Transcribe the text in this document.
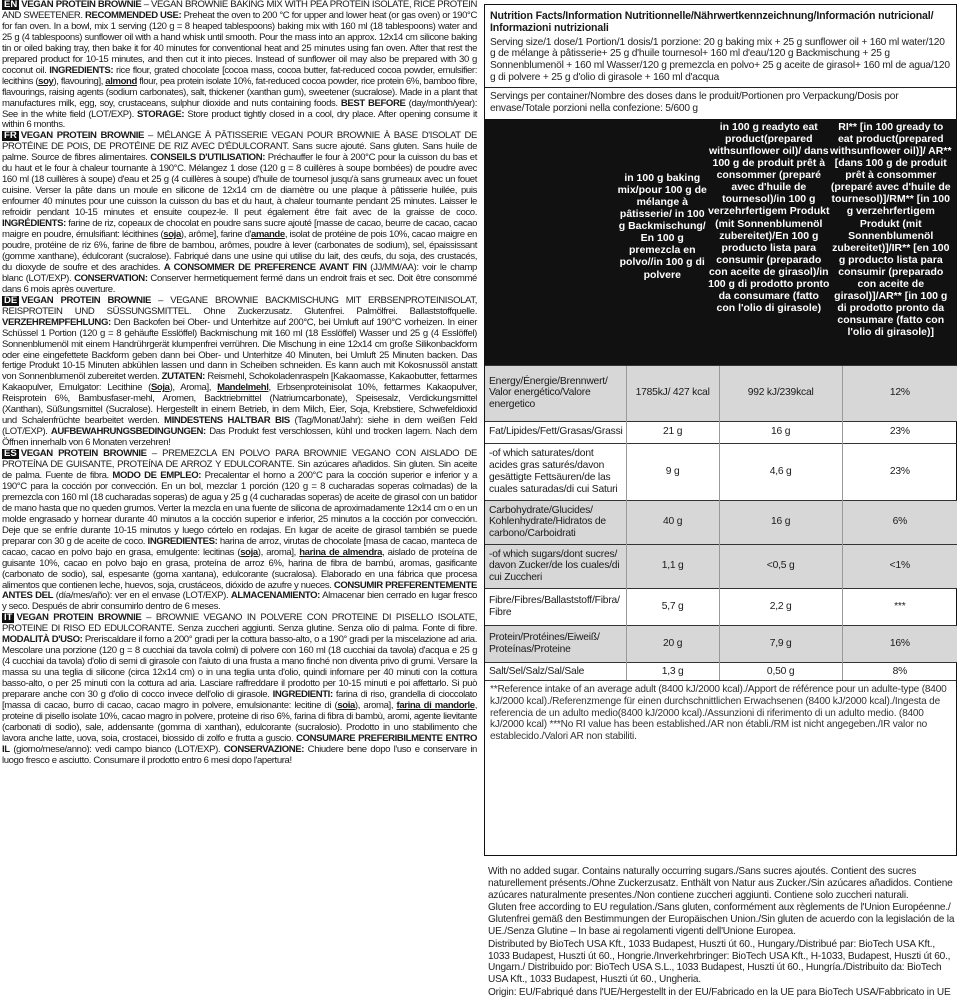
EN VEGAN PROTEIN BROWNIE – VEGAN BROWNIE BAKING MIX WITH PEA PROTEIN ISOLATE, RICE PROTEIN AND SWEETENER. RECOMMENDED USE: Preheat the oven to 200 °C for upper and lower heat (or gas oven) or 190°C for fan oven. In a bowl, mix 1 serving (120 g = 8 heaped tablespoons) baking mix with 160 ml (18 tablespoons) water and 25 g (4 tablespoons) sunflower oil with a hand whisk until smooth. Pour the mass into an approx. 12x14 cm silicone baking tin or oiled baking tray, then bake it for 40 minutes for conventional heat and 25 minutes using fan oven. After that rest the prepared product for 10-15 minutes, and then cut it into pieces. Instead of sunflower oil may also be prepared with 30 g coconut oil. INGREDIENTS: rice flour, grated chocolate [cocoa mass, cocoa butter, fat-reduced cocoa powder, emulsifier: lecithins (soy), flavouring], almond flour, pea protein isolate 10%, fat-reduced cocoa powder, rice protein 6%, bamboo fibre, flavourings, raising agents (sodium carbonates), salt, thickener (xanthan gum), sweetener (sucralose). Made in a plant that manufactures milk, egg, soy, crustaceans, sulphur dioxide and nuts containing foods. BEST BEFORE (day/month/year): See in the white field (LOT/EXP). STORAGE: Store product tightly closed in a cool, dry place. After opening consume it within 6 months.

FR VEGAN PROTEIN BROWNIE – MÉLANGE À PÂTISSERIE VEGAN POUR BROWNIE À BASE D'ISOLAT DE PROTÉINE DE POIS, DE PROTÉINE DE RIZ AVEC D'ÉDULCORANT. Sans sucre ajouté. Sans gluten. Sans huile de palme. Source de fibres alimentaires. CONSEILS D'UTILISATION: Préchauffer le four à 200°C pour la cuisson du bas et du haut et le four à chaleur tournante à 190°C. Mélangez 1 dose (120 g = 8 cuillères à soupe bombées) de poudre avec 160 ml (18 cuillères à soupe) d'eau et 25 g (4 cuillères à soupe) d'huile de tournesol jusqu'à sans grumeaux avec un fouet cuisine. Verser la pâte dans un moule en silicone de 12x14 cm de diamètre ou une plaque à pâtisserie huilée, puis enfourner 40 minutes pour une cuisson la cuisson du bas et du haut, à chaleur tournante pendant 25 minutes. Laisser le refroidir pendant 10-15 minutes et ensuite coupez-le. Il peut également être fait avec de la graisse de coco. INGRÉDIENTS: farine de riz, copeaux de chocolat en poudre sans sucre ajouté [masse de cacao, beurre de cacao, cacao maigre en poudre, émulsifiant: lécithines (soja), arôme], farine d'amande, isolat de protéine de pois 10%, cacao maigre en poudre, protéine de riz 6%, farine de fibre de bambou, arômes, poudre à lever (carbonates de sodium), sel, épaississant (gomme xanthane), édulcorant (sucralose). Fabriqué dans une usine qui utilise du lait, des œufs, du soja, des crustacés, du dioxyde de soufre et des arachides. A CONSOMMER DE PREFERENCE AVANT FIN (JJ/MM/AA): voir le champ blanc (LOT/EXP). CONSERVATION: Conserver hermetiquement fermé dans un endroit frais et sec. Doit être consommé dans 6 mois après ouverture.

DE VEGAN PROTEIN BROWNIE – VEGANE BROWNIE BACKMISCHUNG MIT ERBSENPROTEINISOLAT, REISPROTEIN UND SÜSSUNGSMITTEL. Ohne Zuckerzusatz. Glutenfrei. Palmölfrei. Ballaststoffquelle. VERZEHREMPFEHLUNG: Den Backofen bei Ober- und Unterhitze auf 200°C, bei Umluft auf 190°C vorheizen. In einer Schüssel 1 Portion (120 g = 8 gehäufte Esslöffel) Backmischung mit 160 ml (18 Esslöffel) Wasser und 25 g (4 Esslöffel) Sonnenblumenöl mit einem Handrührgerät klumpenfrei verrühren. Die Mischung in eine 12x14 cm große Silikonbackform oder eine eingefettete Backform geben dann bei Ober- und Unterhitze 40 Minuten, bei Umluft 25 Minuten backen. Das fertige Produkt 10-15 Minuten abkühlen lassen und dann in Scheiben schneiden. Es kann auch mit Kokosnussöl anstatt von Sonnenblumenöl zubereitet werden. ZUTATEN: Reismehl, Schokoladenraspeln [Kakaomasse, Kakaobutter, fettarmes Kakaopulver, Emulgator: Lecithine (Soja), Aroma], Mandelmehl, Erbsenproteinisolat 10%, fettarmes Kakaopulver, Reisprotein 6%, Bambusfaser-mehl, Aromen, Backtriebmittel (Natriumcarbonate), Speisesalz, Verdickungsmittel (Xanthan), Süßungsmittel (Sucralose). Hergestellt in einem Betrieb, in dem Milch, Eier, Soja, Krebstiere, Schwefeldioxid und Schalenfrüchte bearbeitet werden. MINDESTENS HALTBAR BIS (Tag/Monat/Jahr): siehe in dem weißen Feld (LOT/EXP). AUFBEWAHRUNGSBEDINGUNGEN: Das Produkt fest verschlossen, kühl und trocken lagern. Nach dem Öffnen innerhalb von 6 Monaten verzehren!

ES VEGAN PROTEIN BROWNIE – PREMEZCLA EN POLVO PARA BROWNIE VEGANO CON AISLADO DE PROTEÍNA DE GUISANTE, PROTEÍNA DE ARROZ Y EDULCORANTE. Sin azúcares añadidos. Sin gluten. Sin aceite de palma. Fuente de fibra. MODO DE EMPLEO: Precalentar el horno a 200°C para la cocción superior e inferior y a 190°C para la cocción por convección. En un bol, mezclar 1 porción (120 g = 8 cucharadas soperas colmadas) de la premezcla con 160 ml (18 cucharadas soperas) de agua y 25 g (4 cucharadas soperas) de aceite de girasol con un batidor de mano hasta que no queden grumos. Verter la mezcla en una fuente de silicona de aproximadamente 12x14 cm o en un molde engrasado y hornear durante 40 minutos a la cocción superior e inferior, 25 minutos a la cocción por convección. Deje que se enfríe durante 10-15 minutos y luego córtelo en rodajas. En lugar de aceite de girasol también se puede preparar con 30 g de aceite de coco. INGREDIENTES: harina de arroz, virutas de chocolate [masa de cacao, manteca de cacao, cacao en polvo bajo en grasa, emulgente: lecitinas (soja), aroma], harina de almendra, aislado de proteína de guisante 10%, cacao en polvo bajo en grasa, proteína de arroz 6%, harina de fibra de bambú, aromas, gasificante (carbonato de sodio), sal, espesante (goma xantana), edulcorante (sucralosa). Elaborado en una fábrica que procesa alimentos que contienen leche, huevos, soja, crustáceos, dióxido de azufre y nueces. CONSUMIR PREFERENTEMENTE ANTES DEL (día/mes/año): ver en el envase (LOT/EXP). ALMACENAMIENTO: Almacenar bien cerrado en lugar fresco y seco. Después de abrir consumirlo dentro de 6 meses.

IT VEGAN PROTEIN BROWNIE – BROWNIE VEGANO IN POLVERE CON PROTEINE DI PISELLO ISOLATE, PROTEINE DI RISO ED EDULCORANTE. Senza zuccheri aggiunti. Senza glutine. Senza olio di palma. Fonte di fibre. MODALITÀ D'USO: Preriscaldare il forno a 200° gradi per la cottura basso-alto, o a 190° gradi per la miscelazione ad aria. Mescolare una porzione (120 g = 8 cucchiai da tavola colmi) di polvere con 160 ml (18 cucchiai da tavola) d'acqua e 25 g (4 cucchiai da tavola) d'olio di semi di girasole con l'aiuto di una frusta a mano finché non diventa privo di grumi. Versare la massa su una teglia di silicone (circa 12x14 cm) o in una teglia unta d'olio, quindi infornare per 40 minuti con la cottura basso-alto, o per 25 minuti con la cottura ad aria. Lasciare raffreddare il prodotto per 10-15 minuti e poi affettarlo. Si può preparare anche con 30 g d'olio di cocco invece dell'olio di girasole. INGREDIENTI: farina di riso, grandella di cioccolato [massa di cacao, burro di cacao, cacao magro in polvere, emulsionante: lecitine di (soia), aroma], farina di mandorle, proteine di pisello isolate 10%, cacao magro in polvere, proteine di riso 6%, farina di fibra di bambù, aromi, agente lievitante (carbonati di sodio), sale, addensante (gomma di xanthan), edulcorante (sucralosio). Prodotto in uno stabilimento che lavora anche latte, uova, soia, crostacei, biossido di zolfo e frutta a guscio. CONSUMARE PREFERIBILMENTE ENTRO IL (giorno/mese/anno): vedi campo bianco (LOT/EXP). CONSERVAZIONE: Chiudere bene dopo l'uso e conservare in luogo fresco e asciutto. Consumare il prodotto entro 6 mesi dopo l'apertura!

Nutrition Facts/Information Nutritionnelle/Nährwertkennzeichnung/Información nutricional/ Informazioni nutrizionali
Serving size/1 dose/1 Portion/1 dosis/1 porzione: 20 g baking mix + 25 g sunflower oil + 160 ml water/120 g de mélange à pâtisserie+ 25 g d'huile tournesol+ 160 ml d'eau/120 g Backmischung + 25 g Sonnenblumenöl + 160 ml Wasser/120 g premezcla en polvo+ 25 g aceite de girasol+ 160 ml de agua/120 g di polvere + 25 g d'olio di girasole + 160 ml d'acqua
Servings per container/Nombre des doses dans le produit/Portionen pro Verpackung/Dosis por envase/Totale porzioni nella confezione: 5/600 g
in 100 g baking mix/pour 100 g de mélange à pâtisserie/ in 100 g Backmischung/ En 100 g premezcla en polvo//in 100 g di polvere
in 100 g readyto eat product(prepared withsunflower oil)/ dans 100 g de produit prêt à consommer (preparé avec d'huile de tournesol)/in 100 g verzehrfertigem Produkt (mit Sonnenblumenöl zubereitet)/En 100 g producto lista para consumir (preparado con aceite de girasol)/in 100 g di prodotto pronto da consumare (fatto con l'olio di girasole)
RI** [in 100 gready to eat product(prepared withsunflower oil)]/ AR** [dans 100 g de produit prêt à consommer (preparé avec d'huile de tournesol)]/RM** [in 100 g verzehrfertigem Produkt (mit Sonnenblumenöl zubereitet)]/IR** [en 100 g producto lista para consumir (preparado con aceite de girasol)]/AR** [in 100 g di prodotto pronto da consumare (fatto con l'olio di girasole)]
Energy/Énergie/Brennwert/ Valor energético/Valore energetico	1785kJ/ 427 kcal	992 kJ/239kcal	12%
Fat/Lipides/Fett/Grasas/Grassi	21 g	16 g	23%
-of which saturates/dont acides gras saturés/davon gesättigte Fettsäuren/de las cuales saturadas/di cui Saturi	9 g	4,6 g	23%
Carbohydrate/Glucides/ Kohlenhydrate/Hidratos de carbono/Carboidrati	40 g	16 g	6%
-of which sugars/dont sucres/ davon Zucker/de los cuales/di cui Zuccheri	1,1 g	<0,5 g	<1%
Fibre/Fibres/Ballaststoff/Fibra/ Fibre	5,7 g	2,2 g	***
Protein/Protéines/Eiweiß/ Proteínas/Proteine	20 g	7,9 g	16%
Salt/Sel/Salz/Sal/Sale	1,3 g	0,50 g	8%
**Reference intake of an average adult (8400 kJ/2000 kcal)./Apport de référence pour un adulte-type (8400 kJ/2000 kcal)./Referenzmenge für einen durchschnittlichen Erwachsenen (8400 kJ/2000 kcal)./Ingesta de referencia de un adulto medio(8400 kJ/2000 kcal)./Assunzioni di riferimento di un adulto medio. (8400 kJ/2000 kcal) ***No RI value has been established./AR non établi./RM ist nicht angegeben./IR valor no establecido./Valori AR non stabiliti.

With no added sugar. Contains naturally occurring sugars./Sans sucres ajoutés. Contient des sucres naturellement présents./Ohne Zuckerzusatz. Enthält von Natur aus Zucker./Sin azúcares añadidos. Contiene azúcares naturalmente presentes./Non contiene zuccheri aggiunti. Contiene solo zuccheri naturali.

Gluten free according to EU regulation./Sans gluten, conformément aux règlements de l'Union Européenne./ Glutenfrei gemäß den Bestimmungen der Europäischen Union./Sin gluten de acuerdo con la legislación de la UE./Senza Glutine – In base ai regolamenti vigenti dell'Unione Europea.

Distributed by BioTech USA Kft., 1033 Budapest, Huszti út 60., Hungary./Distribué par: BioTech USA Kft., 1033 Budapest, Huszti út 60., Hongrie./Inverkehrbringer: BioTech USA Kft., H-1033, Budapest, Huszti út 60., Ungarn./ Distribuido por: BioTech USA S.L., 1033 Budapest, Huszti út 60., Hungría./Distribuito da: BioTech USA Kft., 1033 Budapest, Huszti út 60., Ungheria.

Origin: EU/Fabriqué dans l'UE/Hergestellt in der EU/Fabricado en la UE para BioTech USA/Fabbricato in UE
